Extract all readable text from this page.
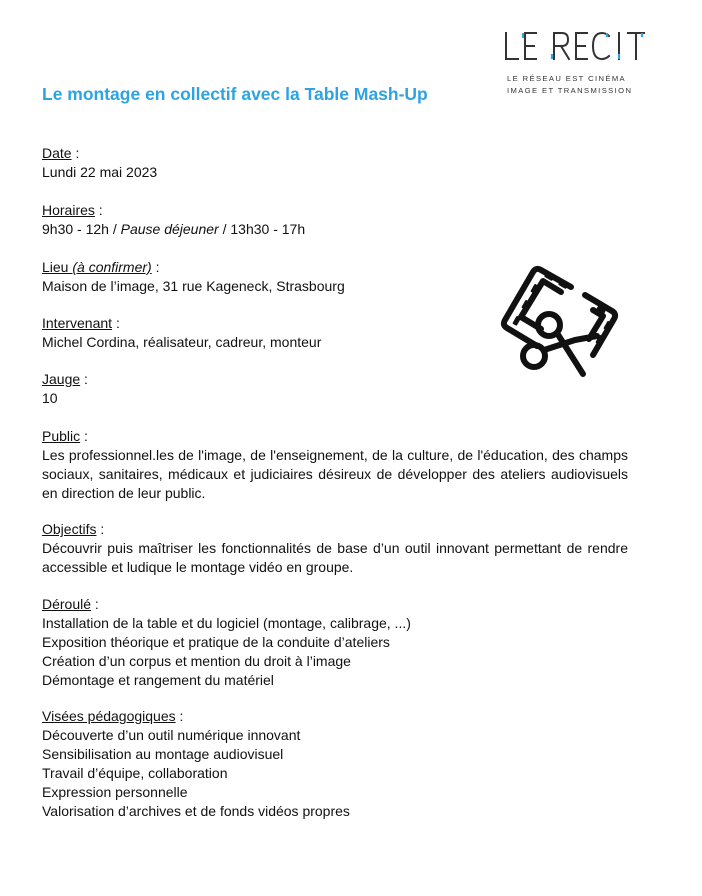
LE RÉSEAU EST CINÉMA
IMAGE ET TRANSMISSION
Le montage en collectif avec la Table Mash-Up
Date :
Lundi 22 mai 2023
Horaires :
9h30 - 12h / Pause déjeuner / 13h30 - 17h
Lieu (à confirmer) :
Maison de l’image, 31 rue Kageneck, Strasbourg
Intervenant :
Michel Cordina, réalisateur, cadreur, monteur
Jauge :
10
Public :
Les professionnel.les de l'image, de l'enseignement, de la culture, de l'éducation, des champs sociaux, sanitaires, médicaux et judiciaires désireux de développer des ateliers audiovisuels en direction de leur public.
Objectifs :
Découvrir puis maîtriser les fonctionnalités de base d’un outil innovant permettant de rendre accessible et ludique le montage vidéo en groupe.
Déroulé :
Installation de la table et du logiciel (montage, calibrage, ...)
Exposition théorique et pratique de la conduite d’ateliers
Création d’un corpus et mention du droit à l’image
Démontage et rangement du matériel
Visées pédagogiques :
Découverte d’un outil numérique innovant
Sensibilisation au montage audiovisuel
Travail d’équipe, collaboration
Expression personnelle
Valorisation d’archives et de fonds vidéos propres
